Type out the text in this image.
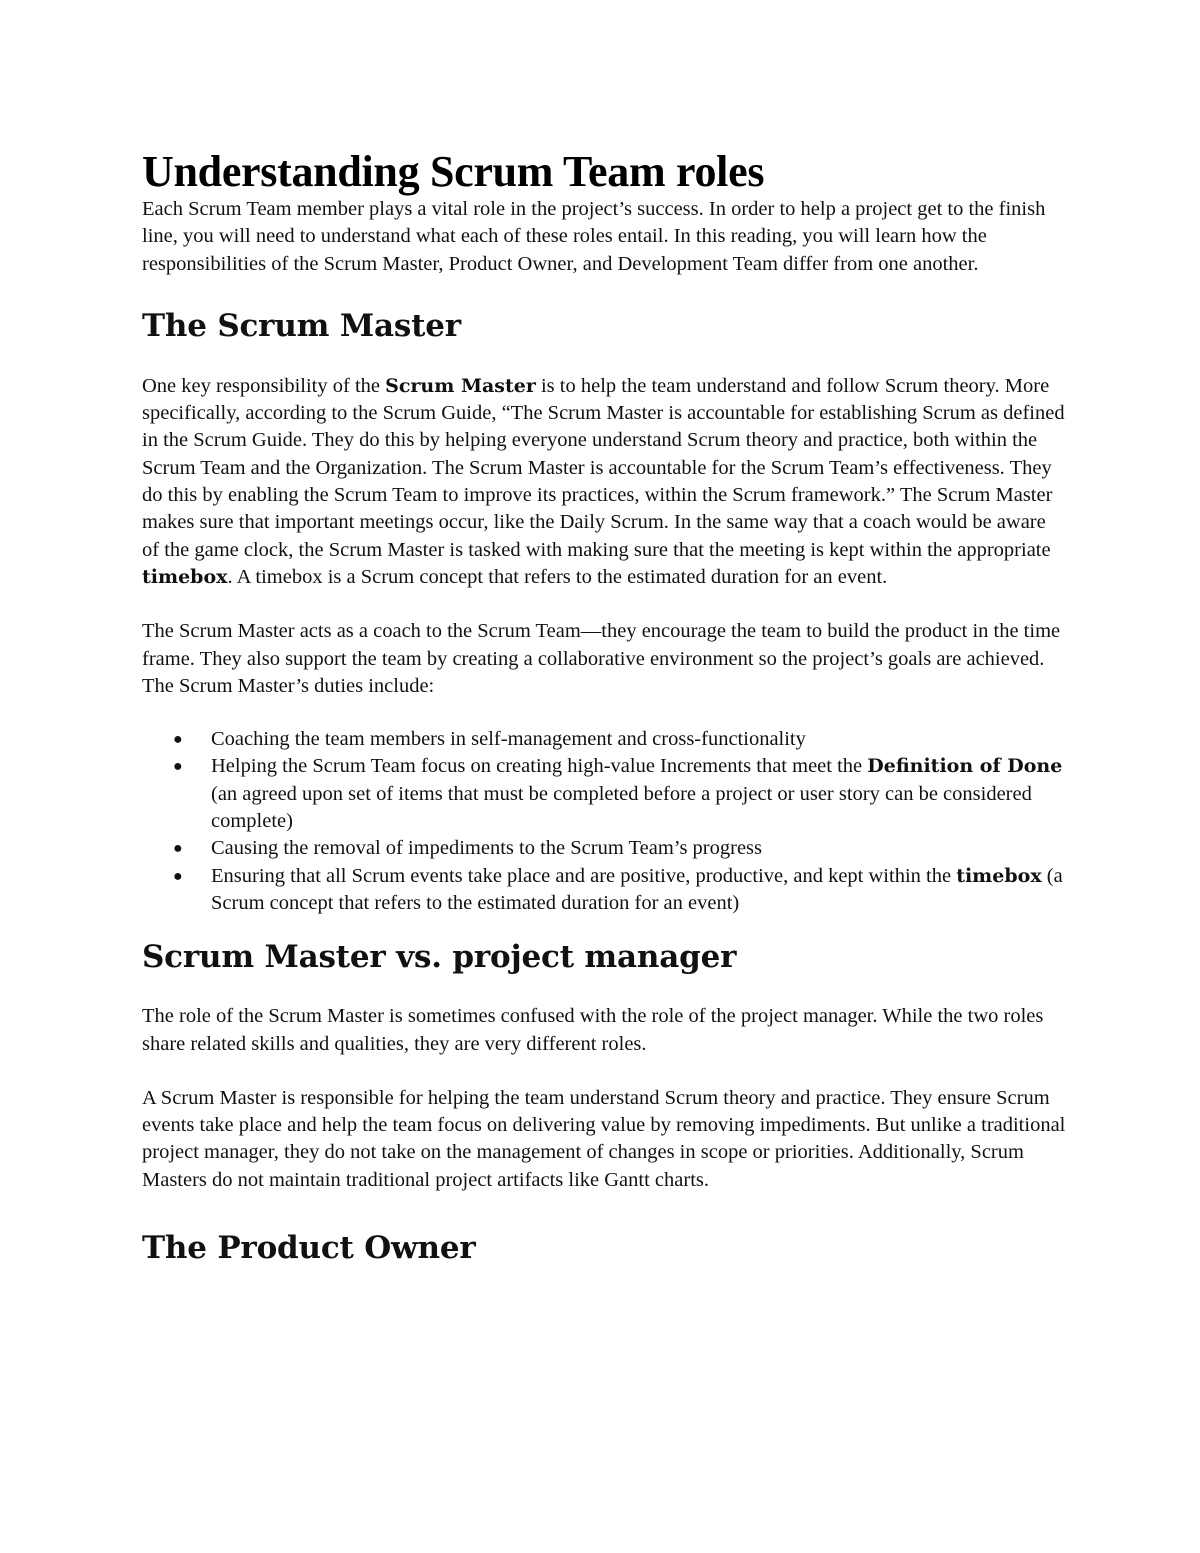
Understanding Scrum Team roles

Each Scrum Team member plays a vital role in the project’s success. In order to help a project get to the finish line, you will need to understand what each of these roles entail. In this reading, you will learn how the responsibilities of the Scrum Master, Product Owner, and Development Team differ from one another.

The Scrum Master

One key responsibility of the Scrum Master is to help the team understand and follow Scrum theory. More specifically, according to the Scrum Guide, “The Scrum Master is accountable for establishing Scrum as defined in the Scrum Guide. They do this by helping everyone understand Scrum theory and practice, both within the Scrum Team and the Organization. The Scrum Master is accountable for the Scrum Team’s effectiveness. They do this by enabling the Scrum Team to improve its practices, within the Scrum framework.” The Scrum Master makes sure that important meetings occur, like the Daily Scrum. In the same way that a coach would be aware of the game clock, the Scrum Master is tasked with making sure that the meeting is kept within the appropriate timebox. A timebox is a Scrum concept that refers to the estimated duration for an event.

The Scrum Master acts as a coach to the Scrum Team—they encourage the team to build the product in the time frame. They also support the team by creating a collaborative environment so the project’s goals are achieved. The Scrum Master’s duties include:

● Coaching the team members in self-management and cross-functionality
● Helping the Scrum Team focus on creating high-value Increments that meet the Definition of Done (an agreed upon set of items that must be completed before a project or user story can be considered complete)
● Causing the removal of impediments to the Scrum Team’s progress
● Ensuring that all Scrum events take place and are positive, productive, and kept within the timebox (a Scrum concept that refers to the estimated duration for an event)
Scrum Master vs. project manager

The role of the Scrum Master is sometimes confused with the role of the project manager. While the two roles share related skills and qualities, they are very different roles.

A Scrum Master is responsible for helping the team understand Scrum theory and practice. They ensure Scrum events take place and help the team focus on delivering value by removing impediments. But unlike a traditional project manager, they do not take on the management of changes in scope or priorities. Additionally, Scrum Masters do not maintain traditional project artifacts like Gantt charts.

The Product Owner
